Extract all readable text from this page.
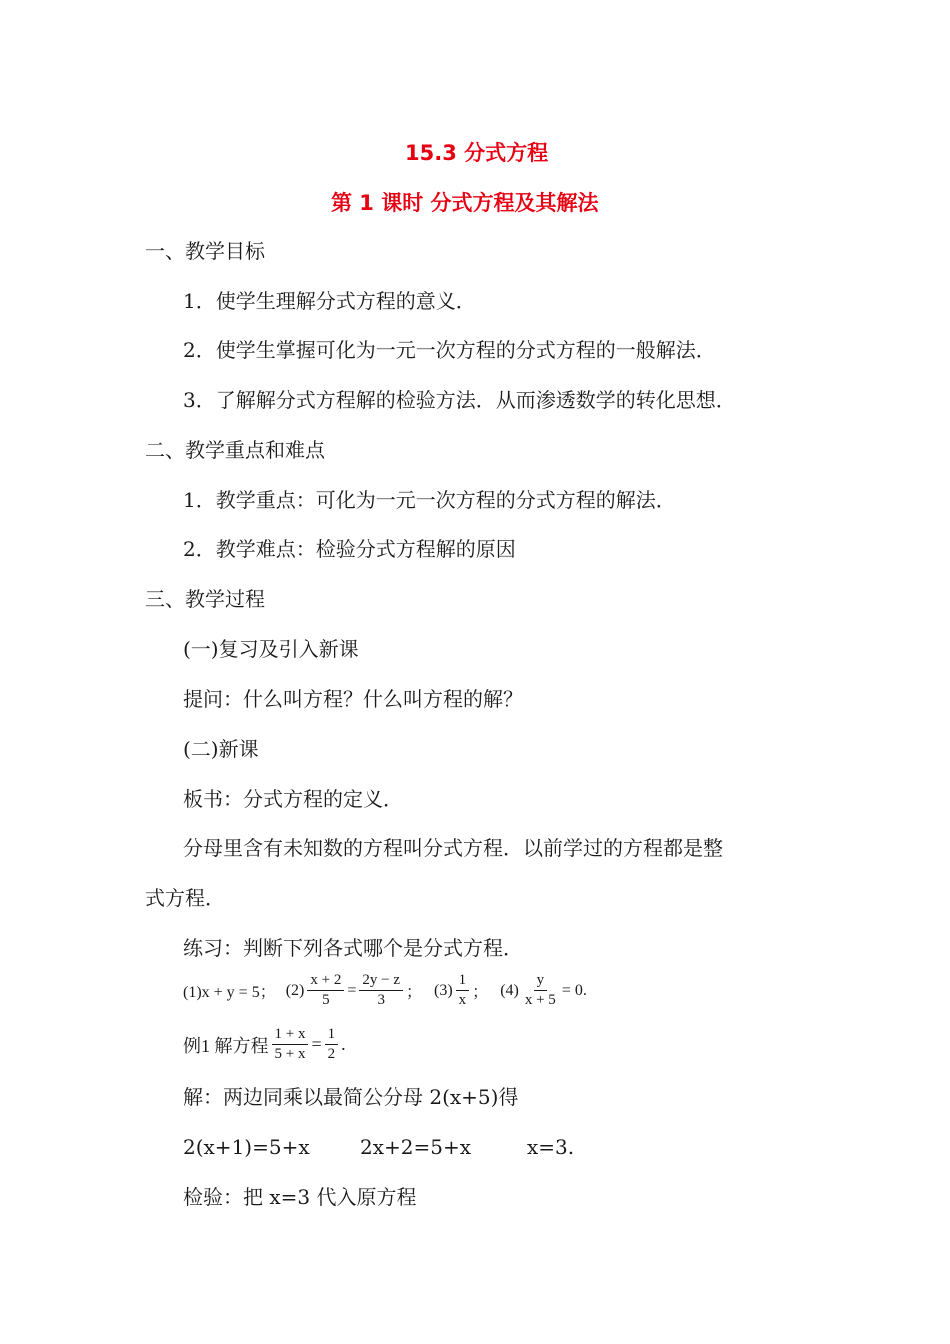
15.3 分式方程
第 1 课时 分式方程及其解法
一、教学目标
1．使学生理解分式方程的意义．
2．使学生掌握可化为一元一次方程的分式方程的一般解法．
3．了解解分式方程解的检验方法．从而渗透数学的转化思想．
二、教学重点和难点
1．教学重点：可化为一元一次方程的分式方程的解法．
2．教学难点：检验分式方程解的原因
三、教学过程
(一)复习及引入新课
提问：什么叫方程？什么叫方程的解？
(二)新课
板书：分式方程的定义．
分母里含有未知数的方程叫分式方程．以前学过的方程都是整
式方程．
练习：判断下列各式哪个是分式方程．
(1)x + y = 5； $(2) \frac{x + 2}{5} = \frac{2y - z}{3}$ ； $(3) \frac{1}{x}$ ； $(4) \frac{y}{x + 5} = 0$.
例1 解方程 $\frac{1 + x}{5 + x} = \frac{1}{2}$ .
解：两边同乘以最简公分母 2(x+5)得
2(x+1)=5+x	2x+2=5+x	x=3.
检验：把 x=3 代入原方程
